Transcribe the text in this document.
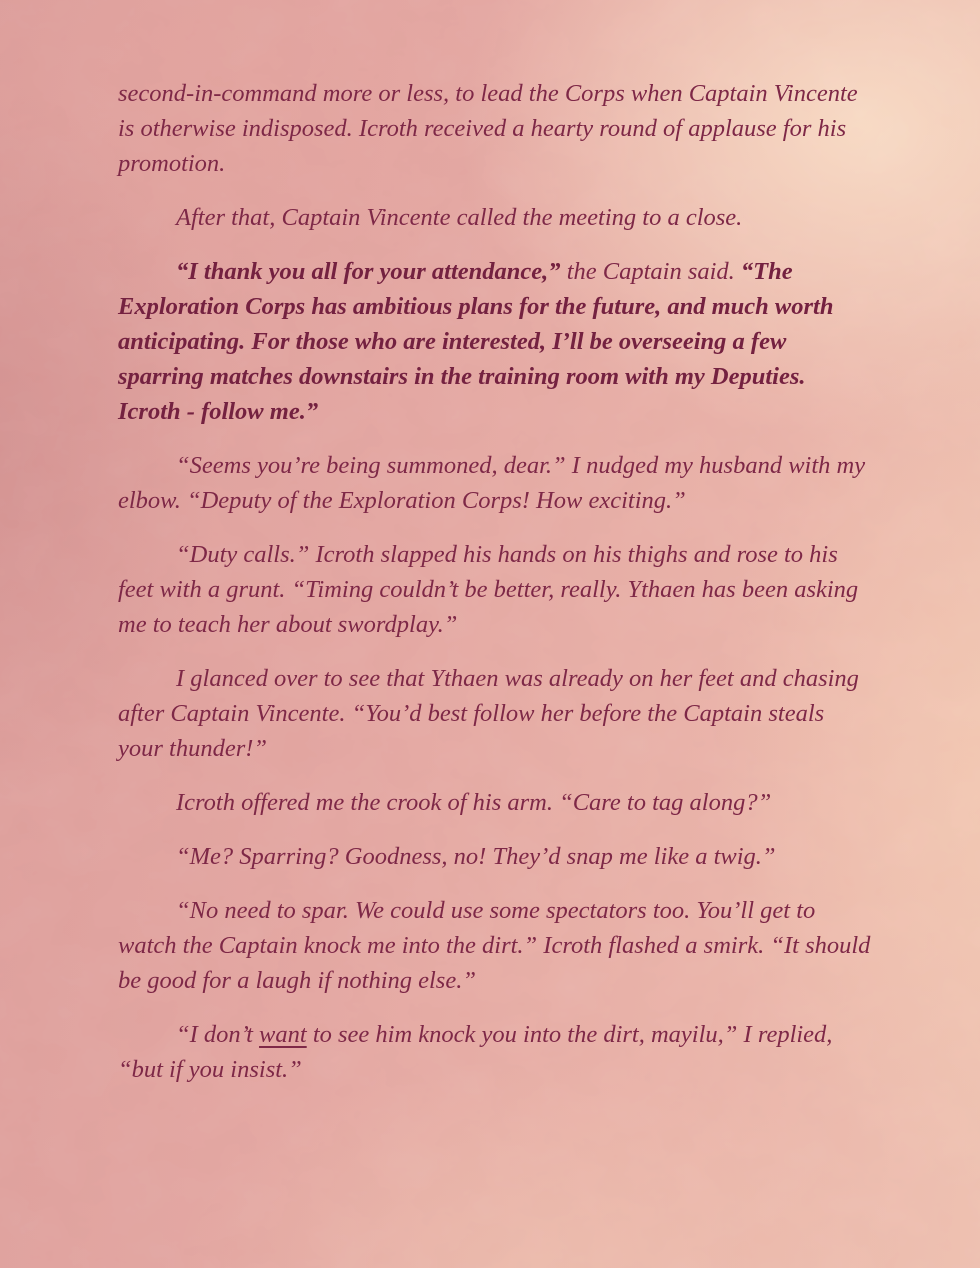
second-in-command more or less, to lead the Corps when Captain Vincente is otherwise indisposed. Icroth received a hearty round of applause for his promotion.

After that, Captain Vincente called the meeting to a close.

“I thank you all for your attendance,” the Captain said. “The Exploration Corps has ambitious plans for the future, and much worth anticipating. For those who are interested, I’ll be overseeing a few sparring matches downstairs in the training room with my Deputies. Icroth - follow me.”

“Seems you’re being summoned, dear.” I nudged my husband with my elbow. “Deputy of the Exploration Corps! How exciting.”

“Duty calls.” Icroth slapped his hands on his thighs and rose to his feet with a grunt. “Timing couldn’t be better, really. Ythaen has been asking me to teach her about swordplay.”

I glanced over to see that Ythaen was already on her feet and chasing after Captain Vincente. “You’d best follow her before the Captain steals your thunder!”

Icroth offered me the crook of his arm. “Care to tag along?”

“Me? Sparring? Goodness, no! They’d snap me like a twig.”

“No need to spar. We could use some spectators too. You’ll get to watch the Captain knock me into the dirt.” Icroth flashed a smirk. “It should be good for a laugh if nothing else.”

“I don’t want to see him knock you into the dirt, mayilu,” I replied, “but if you insist.”
